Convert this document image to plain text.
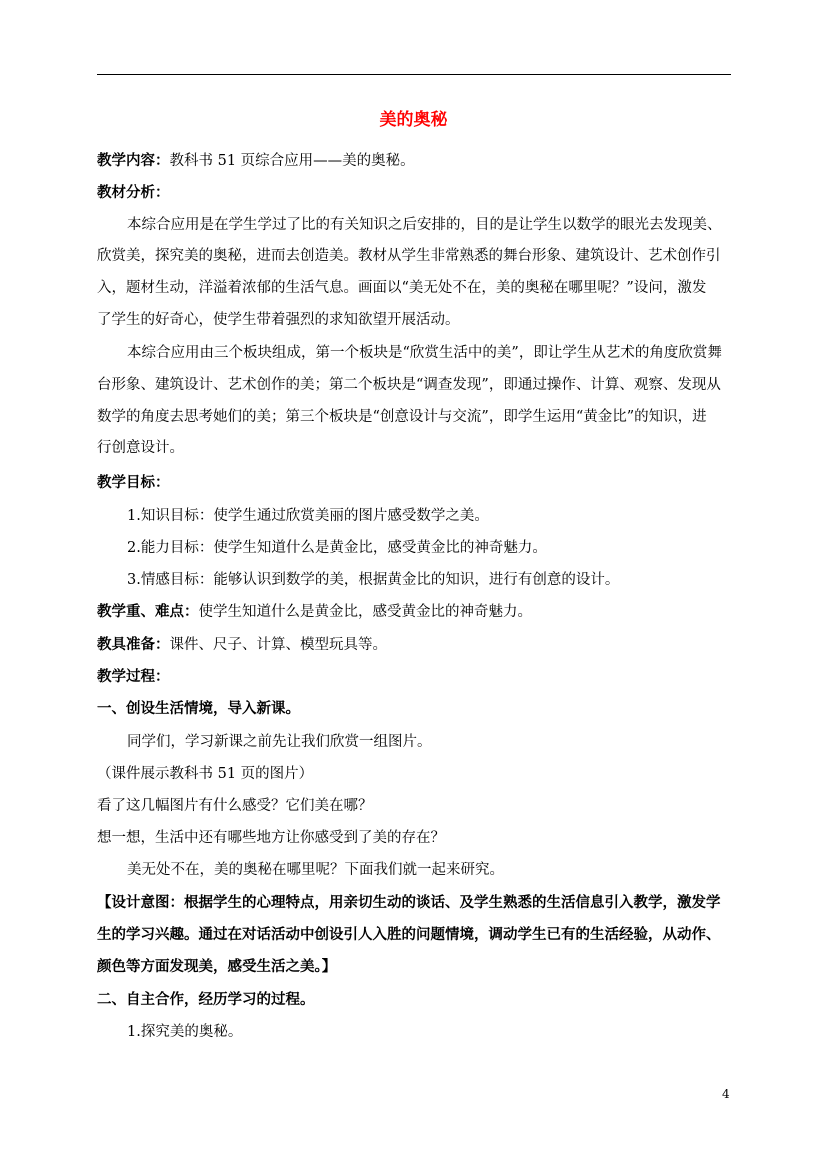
美的奥秘
教学内容：教科书 51 页综合应用——美的奥秘。
教材分析：
本综合应用是在学生学过了比的有关知识之后安排的，目的是让学生以数学的眼光去发现美、
欣赏美，探究美的奥秘，进而去创造美。教材从学生非常熟悉的舞台形象、建筑设计、艺术创作引
入，题材生动，洋溢着浓郁的生活气息。画面以“美无处不在，美的奥秘在哪里呢？”设问，激发
了学生的好奇心，使学生带着强烈的求知欲望开展活动。
本综合应用由三个板块组成，第一个板块是“欣赏生活中的美”，即让学生从艺术的角度欣赏舞
台形象、建筑设计、艺术创作的美；第二个板块是“调查发现”，即通过操作、计算、观察、发现从
数学的角度去思考她们的美；第三个板块是“创意设计与交流”，即学生运用“黄金比”的知识，进
行创意设计。
教学目标：
1.知识目标：使学生通过欣赏美丽的图片感受数学之美。
2.能力目标：使学生知道什么是黄金比，感受黄金比的神奇魅力。
3.情感目标：能够认识到数学的美，根据黄金比的知识，进行有创意的设计。
教学重、难点：使学生知道什么是黄金比，感受黄金比的神奇魅力。
教具准备：课件、尺子、计算、模型玩具等。
教学过程：
一、创设生活情境，导入新课。
同学们，学习新课之前先让我们欣赏一组图片。
（课件展示教科书 51 页的图片）
看了这几幅图片有什么感受？它们美在哪？
想一想，生活中还有哪些地方让你感受到了美的存在？
美无处不在，美的奥秘在哪里呢？下面我们就一起来研究。
【设计意图：根据学生的心理特点，用亲切生动的谈话、及学生熟悉的生活信息引入教学，激发学
生的学习兴趣。通过在对话活动中创设引人入胜的问题情境，调动学生已有的生活经验，从动作、
颜色等方面发现美，感受生活之美。】
二、自主合作，经历学习的过程。
1.探究美的奥秘。
4
